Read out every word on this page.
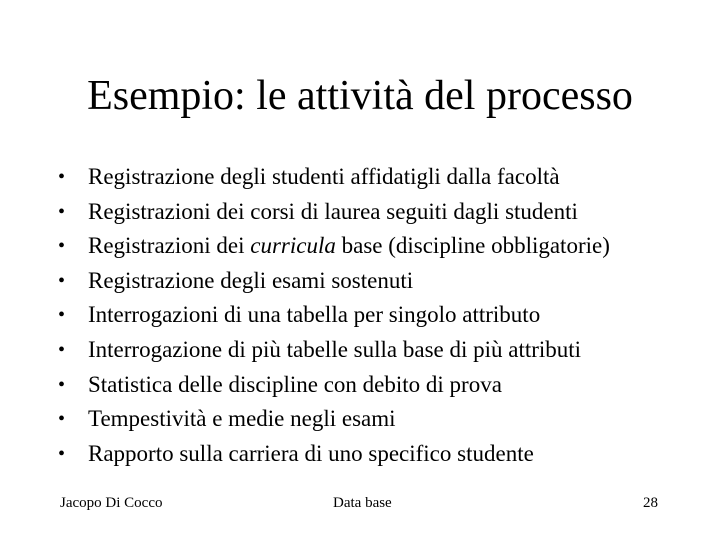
Esempio: le attività del processo
• Registrazione degli studenti affidatigli dalla facoltà
• Registrazioni dei corsi di laurea seguiti dagli studenti
• Registrazioni dei curricula base (discipline obbligatorie)
• Registrazione degli esami sostenuti
• Interrogazioni di una tabella per singolo attributo
• Interrogazione di più tabelle sulla base di più attributi
• Statistica delle discipline con debito di prova
• Tempestività e medie negli esami
• Rapporto sulla carriera di uno specifico studente
Jacopo Di Cocco	Data base	28
